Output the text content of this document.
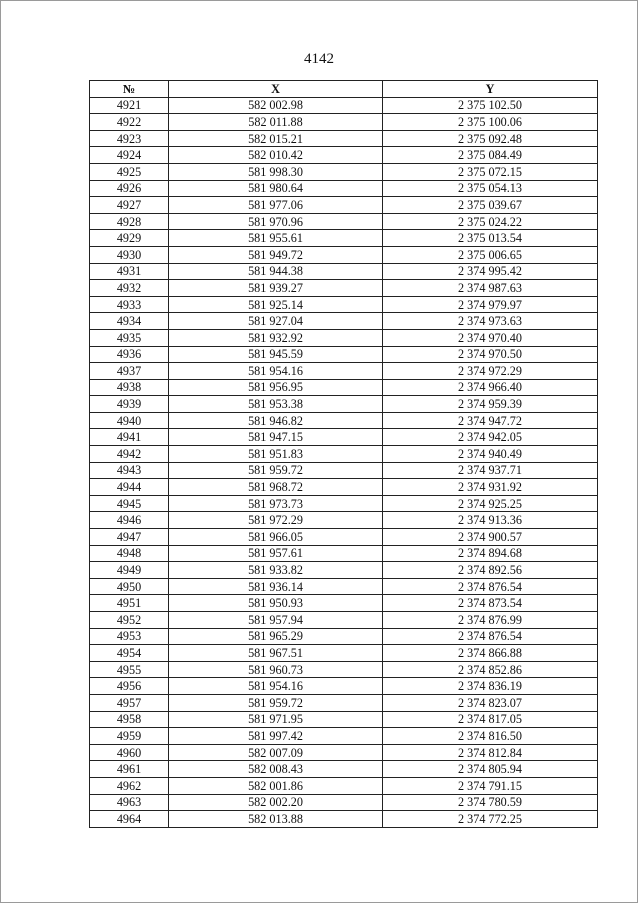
4142
№	X	Y
4921	582 002.98	2 375 102.50
4922	582 011.88	2 375 100.06
4923	582 015.21	2 375 092.48
4924	582 010.42	2 375 084.49
4925	581 998.30	2 375 072.15
4926	581 980.64	2 375 054.13
4927	581 977.06	2 375 039.67
4928	581 970.96	2 375 024.22
4929	581 955.61	2 375 013.54
4930	581 949.72	2 375 006.65
4931	581 944.38	2 374 995.42
4932	581 939.27	2 374 987.63
4933	581 925.14	2 374 979.97
4934	581 927.04	2 374 973.63
4935	581 932.92	2 374 970.40
4936	581 945.59	2 374 970.50
4937	581 954.16	2 374 972.29
4938	581 956.95	2 374 966.40
4939	581 953.38	2 374 959.39
4940	581 946.82	2 374 947.72
4941	581 947.15	2 374 942.05
4942	581 951.83	2 374 940.49
4943	581 959.72	2 374 937.71
4944	581 968.72	2 374 931.92
4945	581 973.73	2 374 925.25
4946	581 972.29	2 374 913.36
4947	581 966.05	2 374 900.57
4948	581 957.61	2 374 894.68
4949	581 933.82	2 374 892.56
4950	581 936.14	2 374 876.54
4951	581 950.93	2 374 873.54
4952	581 957.94	2 374 876.99
4953	581 965.29	2 374 876.54
4954	581 967.51	2 374 866.88
4955	581 960.73	2 374 852.86
4956	581 954.16	2 374 836.19
4957	581 959.72	2 374 823.07
4958	581 971.95	2 374 817.05
4959	581 997.42	2 374 816.50
4960	582 007.09	2 374 812.84
4961	582 008.43	2 374 805.94
4962	582 001.86	2 374 791.15
4963	582 002.20	2 374 780.59
4964	582 013.88	2 374 772.25
